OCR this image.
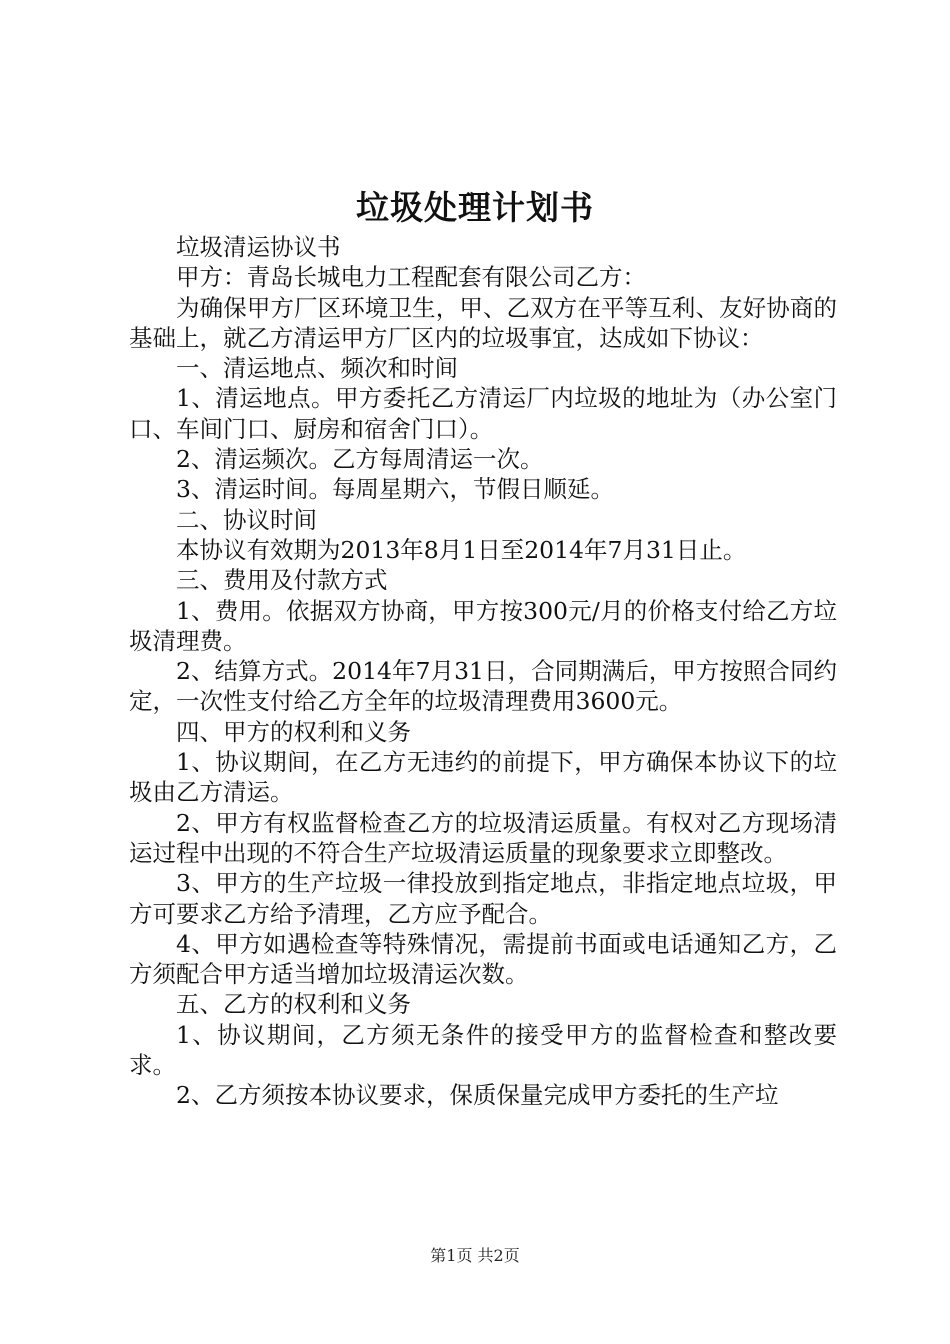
垃圾处理计划书

垃圾清运协议书

甲方：青岛长城电力工程配套有限公司乙方：

为确保甲方厂区环境卫生，甲、乙双方在平等互利、友好协商的基础上，就乙方清运甲方厂区内的垃圾事宜，达成如下协议：

一、清运地点、频次和时间

1、清运地点。甲方委托乙方清运厂内垃圾的地址为（办公室门口、车间门口、厨房和宿舍门口）。

2、清运频次。乙方每周清运一次。

3、清运时间。每周星期六，节假日顺延。

二、协议时间

本协议有效期为2013年8月1日至2014年7月31日止。

三、费用及付款方式

1、费用。依据双方协商，甲方按300元/月的价格支付给乙方垃圾清理费。

2、结算方式。2014年7月31日，合同期满后，甲方按照合同约定，一次性支付给乙方全年的垃圾清理费用3600元。

四、甲方的权利和义务

1、协议期间，在乙方无违约的前提下，甲方确保本协议下的垃圾由乙方清运。

2、甲方有权监督检查乙方的垃圾清运质量。有权对乙方现场清运过程中出现的不符合生产垃圾清运质量的现象要求立即整改。

3、甲方的生产垃圾一律投放到指定地点，非指定地点垃圾，甲方可要求乙方给予清理，乙方应予配合。

4、甲方如遇检查等特殊情况，需提前书面或电话通知乙方，乙方须配合甲方适当增加垃圾清运次数。

五、乙方的权利和义务

1、协议期间，乙方须无条件的接受甲方的监督检查和整改要求。

2、乙方须按本协议要求，保质保量完成甲方委托的生产垃

第1页 共2页
